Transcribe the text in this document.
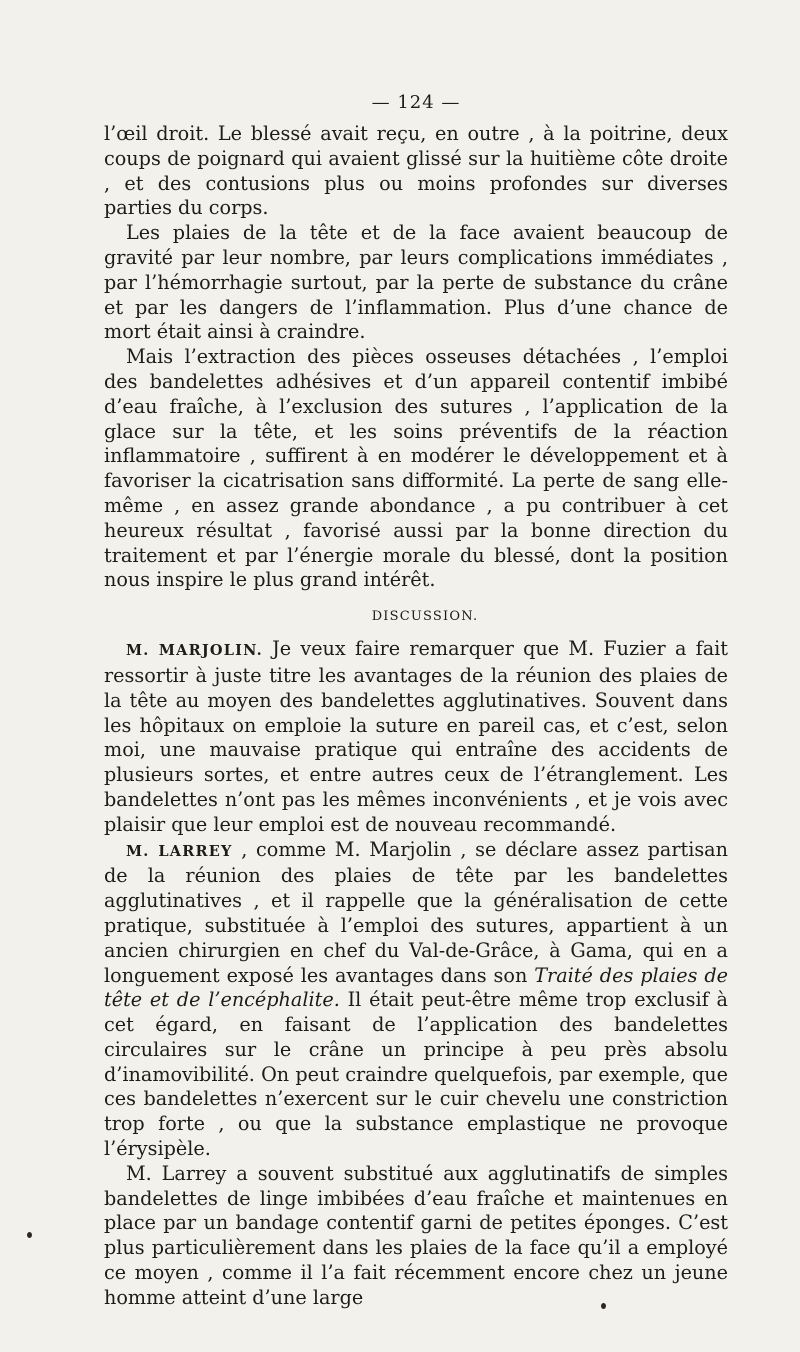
— 124 —

l’œil droit. Le blessé avait reçu, en outre , à la poitrine, deux coups de poignard qui avaient glissé sur la huitième côte droite , et des contusions plus ou moins profondes sur diverses parties du corps.

Les plaies de la tête et de la face avaient beaucoup de gravité par leur nombre, par leurs complications immédiates , par l’hémorrhagie surtout, par la perte de substance du crâne et par les dangers de l’inflammation. Plus d’une chance de mort était ainsi à craindre.

Mais l’extraction des pièces osseuses détachées , l’emploi des bandelettes adhésives et d’un appareil contentif imbibé d’eau fraîche, à l’exclusion des sutures , l’application de la glace sur la tête, et les soins préventifs de la réaction inflammatoire , suffirent à en modérer le développement et à favoriser la cicatrisation sans difformité. La perte de sang elle-même , en assez grande abondance , a pu contribuer à cet heureux résultat , favorisé aussi par la bonne direction du traitement et par l’énergie morale du blessé, dont la position nous inspire le plus grand intérêt.

DISCUSSION.

M. MARJOLIN. Je veux faire remarquer que M. Fuzier a fait ressortir à juste titre les avantages de la réunion des plaies de la tête au moyen des bandelettes agglutinatives. Souvent dans les hôpitaux on emploie la suture en pareil cas, et c’est, selon moi, une mauvaise pratique qui entraîne des accidents de plusieurs sortes, et entre autres ceux de l’étranglement. Les bandelettes n’ont pas les mêmes inconvénients , et je vois avec plaisir que leur emploi est de nouveau recommandé.

M. LARREY , comme M. Marjolin , se déclare assez partisan de la réunion des plaies de tête par les bandelettes agglutinatives , et il rappelle que la généralisation de cette pratique, substituée à l’emploi des sutures, appartient à un ancien chirurgien en chef du Val-de-Grâce, à Gama, qui en a longuement exposé les avantages dans son Traité des plaies de tête et de l’encéphalite. Il était peut-être même trop exclusif à cet égard, en faisant de l’application des bandelettes circulaires sur le crâne un principe à peu près absolu d’inamovibilité. On peut craindre quelquefois, par exemple, que ces bandelettes n’exercent sur le cuir chevelu une constriction trop forte , ou que la substance emplastique ne provoque l’érysipèle.

M. Larrey a souvent substitué aux agglutinatifs de simples bandelettes de linge imbibées d’eau fraîche et maintenues en place par un bandage contentif garni de petites éponges. C’est plus particulièrement dans les plaies de la face qu’il a employé ce moyen , comme il l’a fait récemment encore chez un jeune homme atteint d’une large
